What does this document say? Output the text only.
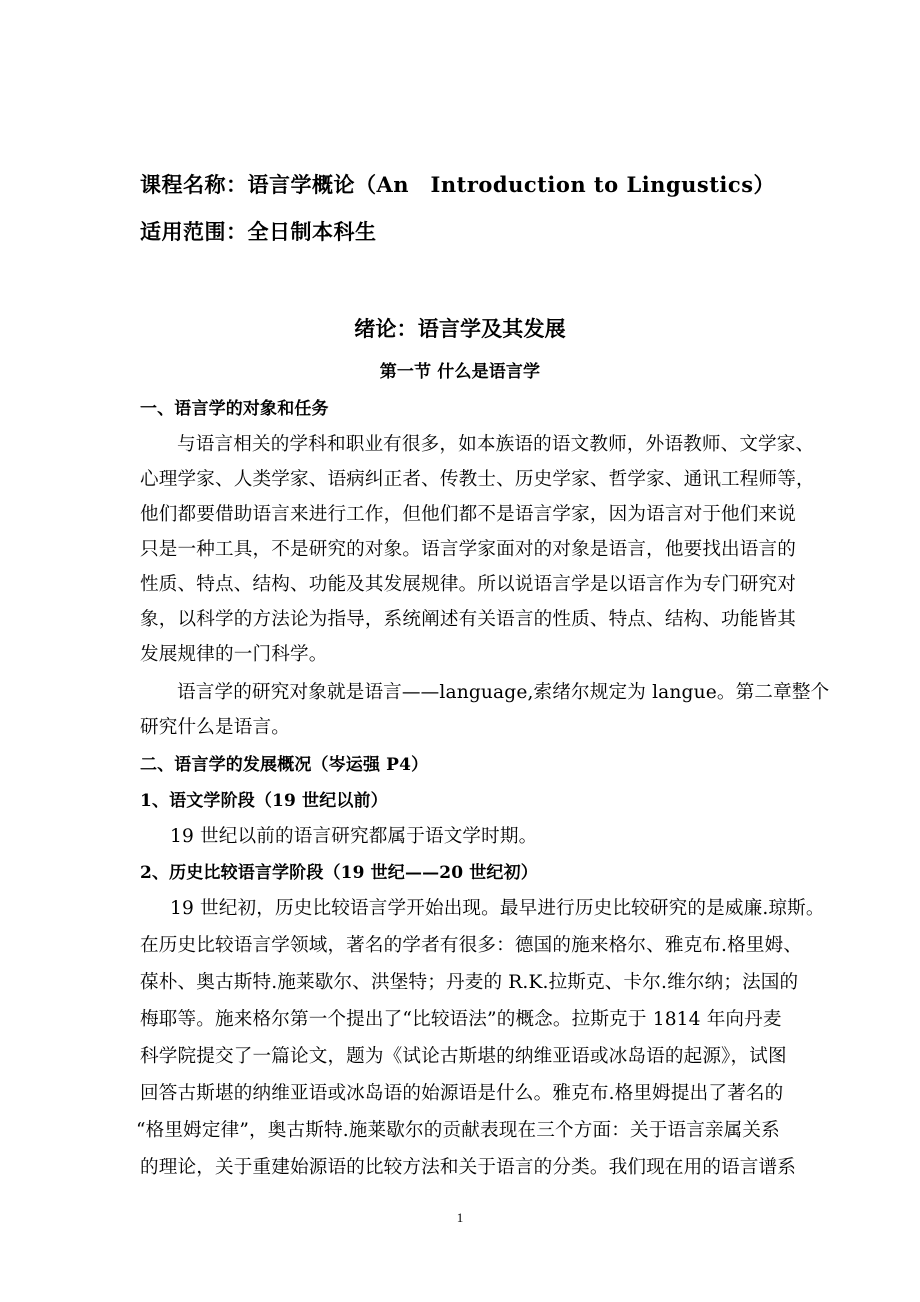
课程名称：语言学概论（An　Introduction to Lingustics）
适用范围：全日制本科生
绪论：语言学及其发展
第一节 什么是语言学
一、语言学的对象和任务
与语言相关的学科和职业有很多，如本族语的语文教师，外语教师、文学家、
心理学家、人类学家、语病纠正者、传教士、历史学家、哲学家、通讯工程师等，
他们都要借助语言来进行工作，但他们都不是语言学家，因为语言对于他们来说
只是一种工具，不是研究的对象。语言学家面对的对象是语言，他要找出语言的
性质、特点、结构、功能及其发展规律。所以说语言学是以语言作为专门研究对
象，以科学的方法论为指导，系统阐述有关语言的性质、特点、结构、功能皆其
发展规律的一门科学。
语言学的研究对象就是语言——language,索绪尔规定为 langue。第二章整个
研究什么是语言。
二、语言学的发展概况（岑运强 P4）
1、语文学阶段（19 世纪以前）
19 世纪以前的语言研究都属于语文学时期。
2、历史比较语言学阶段（19 世纪——20 世纪初）
19 世纪初，历史比较语言学开始出现。最早进行历史比较研究的是威廉.琼斯。
在历史比较语言学领域，著名的学者有很多：德国的施来格尔、雅克布.格里姆、
葆朴、奥古斯特.施莱歇尔、洪堡特；丹麦的 R.K.拉斯克、卡尔.维尔纳；法国的
梅耶等。施来格尔第一个提出了“比较语法”的概念。拉斯克于 1814 年向丹麦
科学院提交了一篇论文，题为《试论古斯堪的纳维亚语或冰岛语的起源》，试图
回答古斯堪的纳维亚语或冰岛语的始源语是什么。雅克布.格里姆提出了著名的
“格里姆定律”，奥古斯特.施莱歇尔的贡献表现在三个方面：关于语言亲属关系
的理论，关于重建始源语的比较方法和关于语言的分类。我们现在用的语言谱系
1
